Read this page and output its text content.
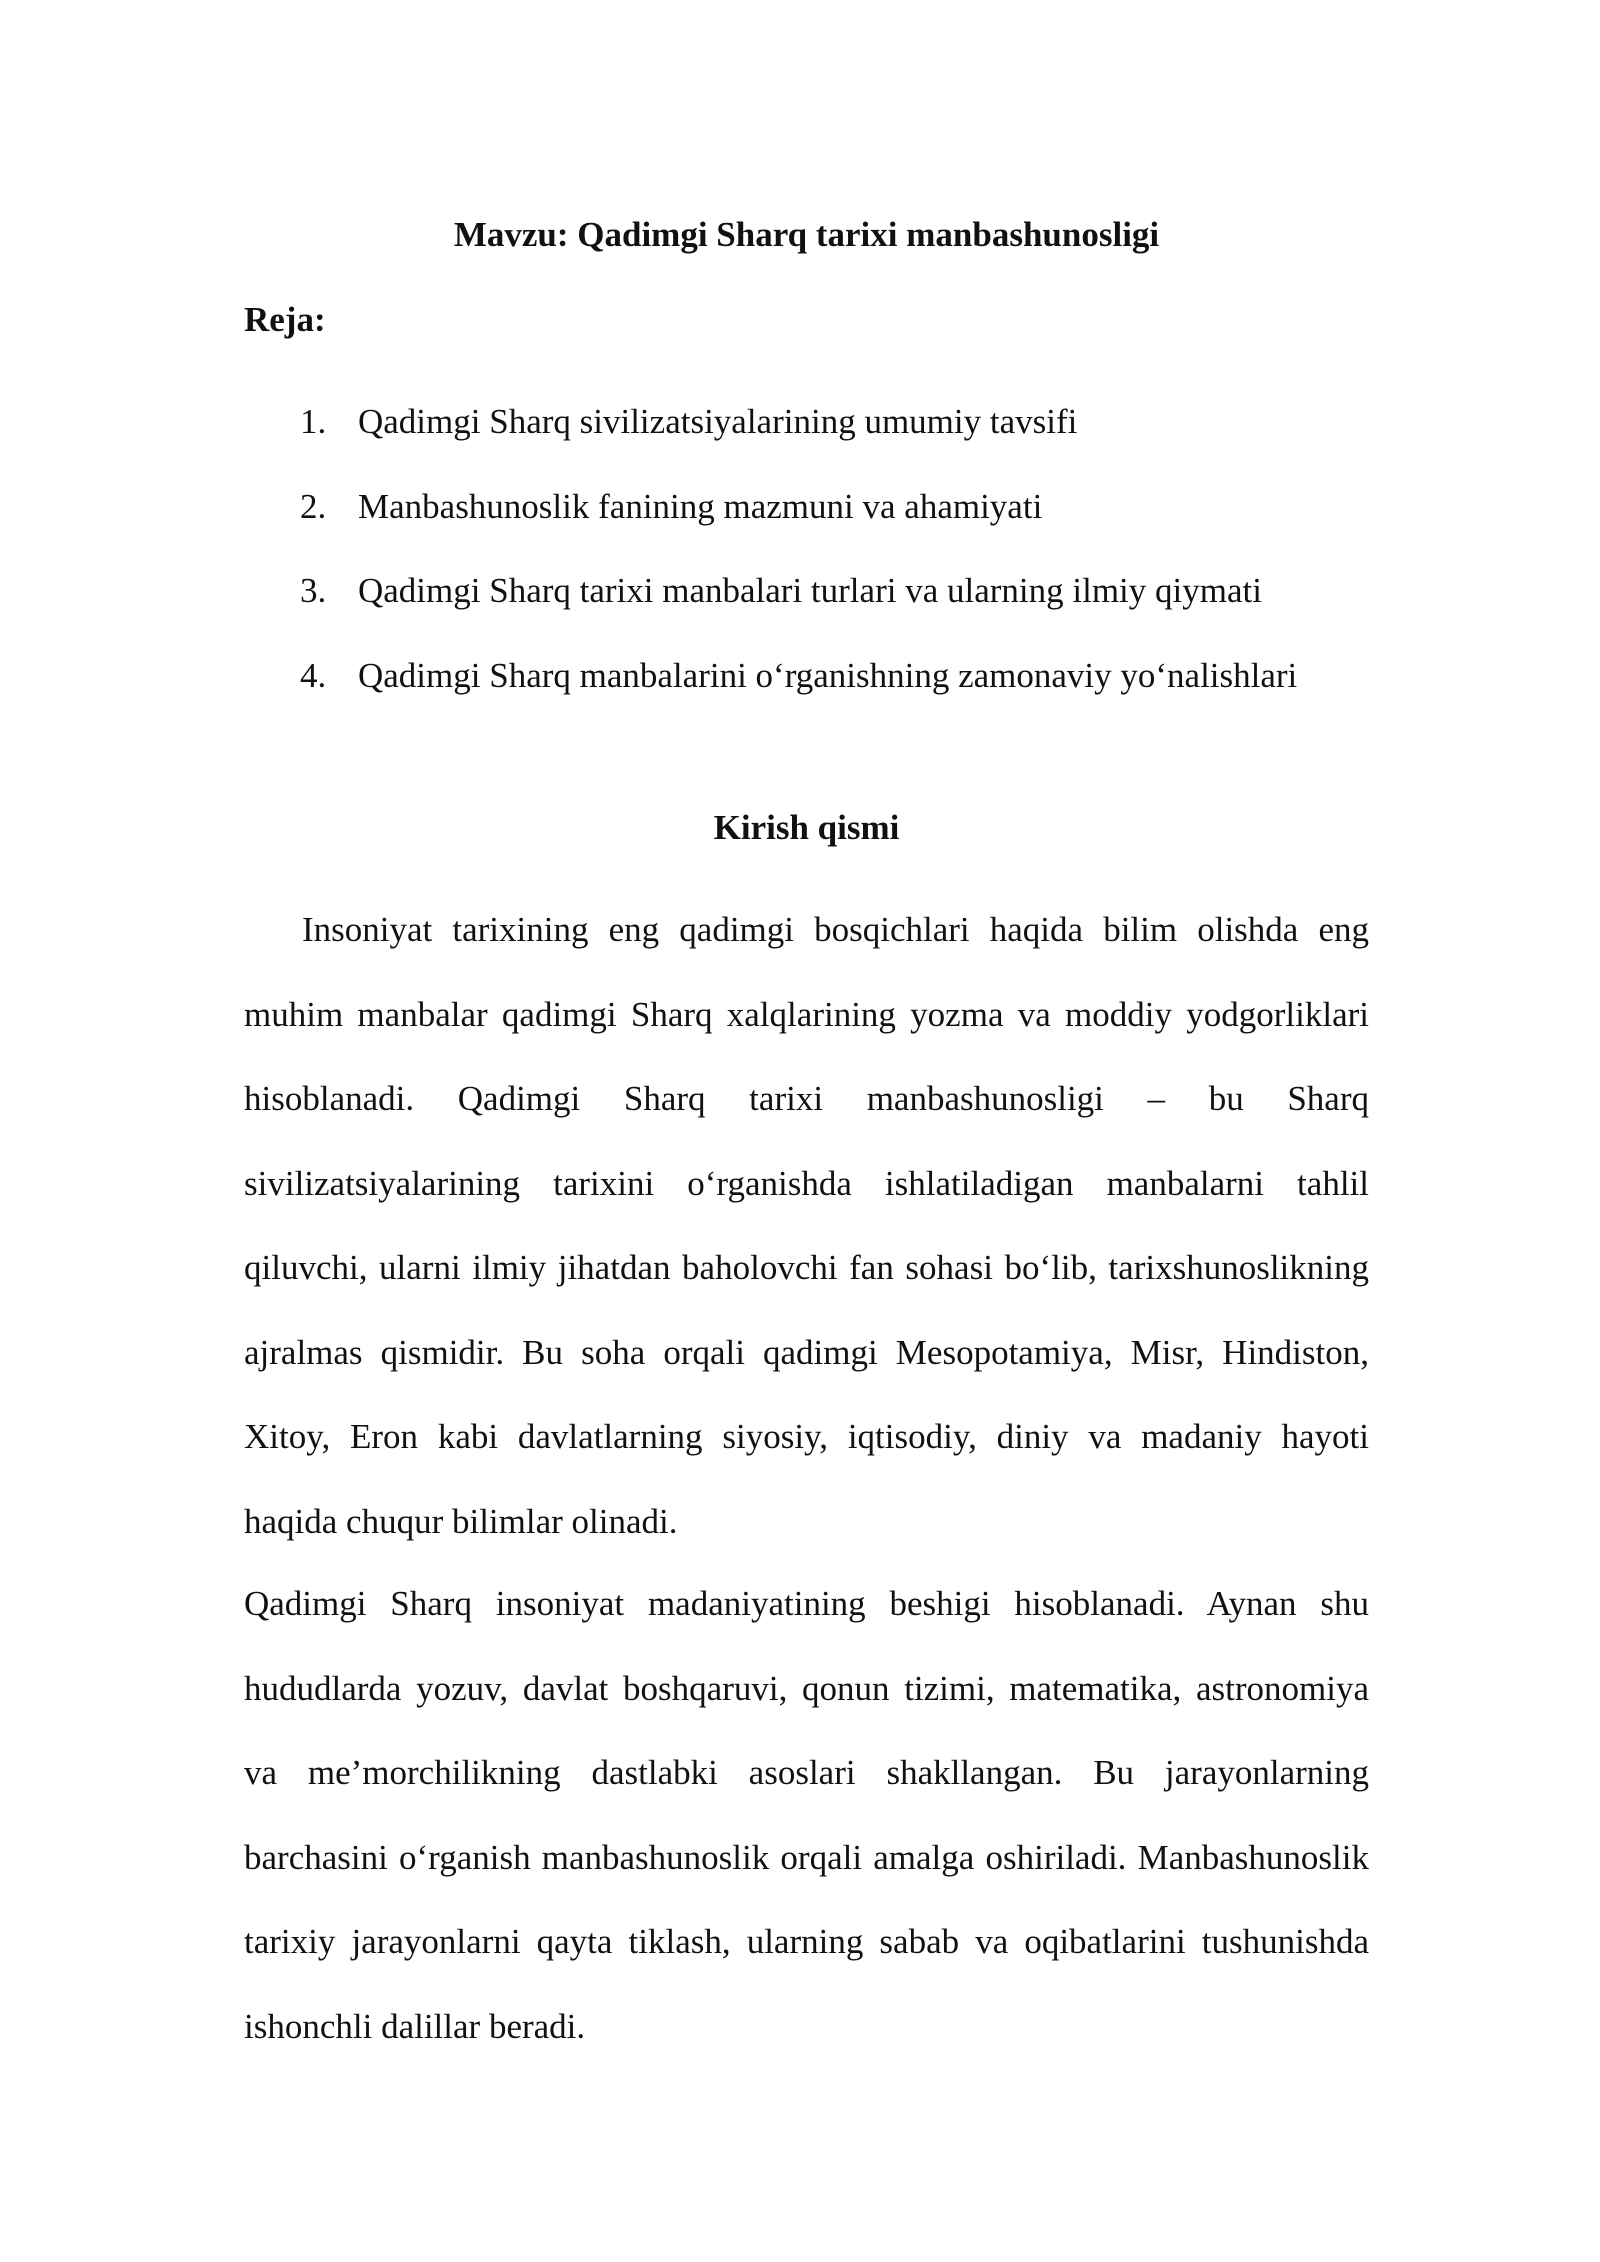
Mavzu: Qadimgi Sharq tarixi manbashunosligi
Reja:
1. Qadimgi Sharq sivilizatsiyalarining umumiy tavsifi
2. Manbashunoslik fanining mazmuni va ahamiyati
3. Qadimgi Sharq tarixi manbalari turlari va ularning ilmiy qiymati
4. Qadimgi Sharq manbalarini o‘rganishning zamonaviy yo‘nalishlari
Kirish qismi

Insoniyat tarixining eng qadimgi bosqichlari haqida bilim olishda eng muhim manbalar qadimgi Sharq xalqlarining yozma va moddiy yodgorliklari hisoblanadi. Qadimgi Sharq tarixi manbashunosligi – bu Sharq sivilizatsiyalarining tarixini o‘rganishda ishlatiladigan manbalarni tahlil qiluvchi, ularni ilmiy jihatdan baholovchi fan sohasi bo‘lib, tarixshunoslikning ajralmas qismidir. Bu soha orqali qadimgi Mesopotamiya, Misr, Hindiston, Xitoy, Eron kabi davlatlarning siyosiy, iqtisodiy, diniy va madaniy hayoti haqida chuqur bilimlar olinadi.

Qadimgi Sharq insoniyat madaniyatining beshigi hisoblanadi. Aynan shu hududlarda yozuv, davlat boshqaruvi, qonun tizimi, matematika, astronomiya va me’morchilikning dastlabki asoslari shakllangan. Bu jarayonlarning barchasini o‘rganish manbashunoslik orqali amalga oshiriladi. Manbashunoslik tarixiy jarayonlarni qayta tiklash, ularning sabab va oqibatlarini tushunishda ishonchli dalillar beradi.
